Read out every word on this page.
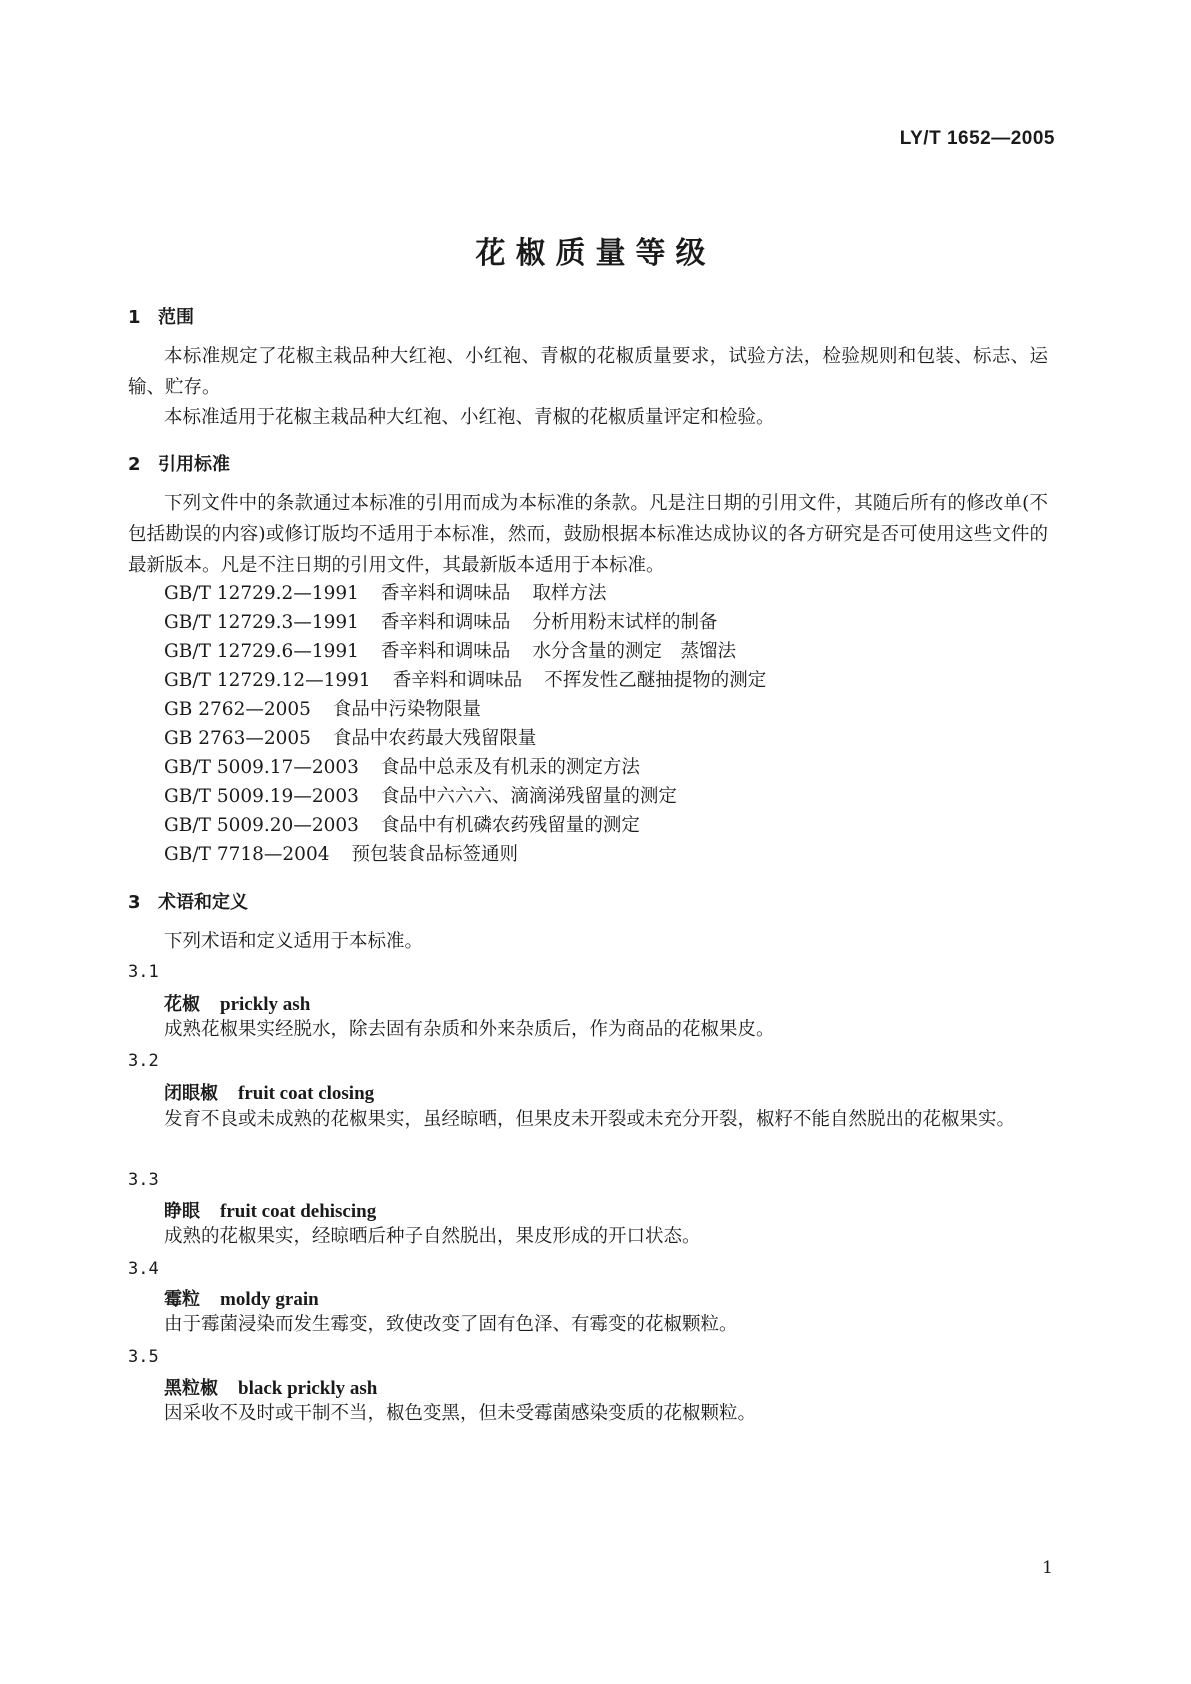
LY/T 1652—2005
花椒质量等级
1 范围
本标准规定了花椒主栽品种大红袍、小红袍、青椒的花椒质量要求，试验方法，检验规则和包装、标志、运输、贮存。
本标准适用于花椒主栽品种大红袍、小红袍、青椒的花椒质量评定和检验。
2 引用标准
下列文件中的条款通过本标准的引用而成为本标准的条款。凡是注日期的引用文件，其随后所有的修改单(不包括勘误的内容)或修订版均不适用于本标准，然而，鼓励根据本标准达成协议的各方研究是否可使用这些文件的最新版本。凡是不注日期的引用文件，其最新版本适用于本标准。
GB/T 12729.2—1991 香辛料和调味品 取样方法
GB/T 12729.3—1991 香辛料和调味品 分析用粉末试样的制备
GB/T 12729.6—1991 香辛料和调味品 水分含量的测定　蒸馏法
GB/T 12729.12—1991 香辛料和调味品 不挥发性乙醚抽提物的测定
GB 2762—2005 食品中污染物限量
GB 2763—2005 食品中农药最大残留限量
GB/T 5009.17—2003 食品中总汞及有机汞的测定方法
GB/T 5009.19—2003 食品中六六六、滴滴涕残留量的测定
GB/T 5009.20—2003 食品中有机磷农药残留量的测定
GB/T 7718—2004 预包装食品标签通则
3 术语和定义
下列术语和定义适用于本标准。
3.1
花椒 prickly ash
成熟花椒果实经脱水，除去固有杂质和外来杂质后，作为商品的花椒果皮。
3.2
闭眼椒 fruit coat closing
发育不良或未成熟的花椒果实，虽经晾晒，但果皮未开裂或未充分开裂，椒籽不能自然脱出的花椒果实。
3.3
睁眼 fruit coat dehiscing
成熟的花椒果实，经晾晒后种子自然脱出，果皮形成的开口状态。
3.4
霉粒 moldy grain
由于霉菌浸染而发生霉变，致使改变了固有色泽、有霉变的花椒颗粒。
3.5
黑粒椒 black prickly ash
因采收不及时或干制不当，椒色变黑，但未受霉菌感染变质的花椒颗粒。
1
